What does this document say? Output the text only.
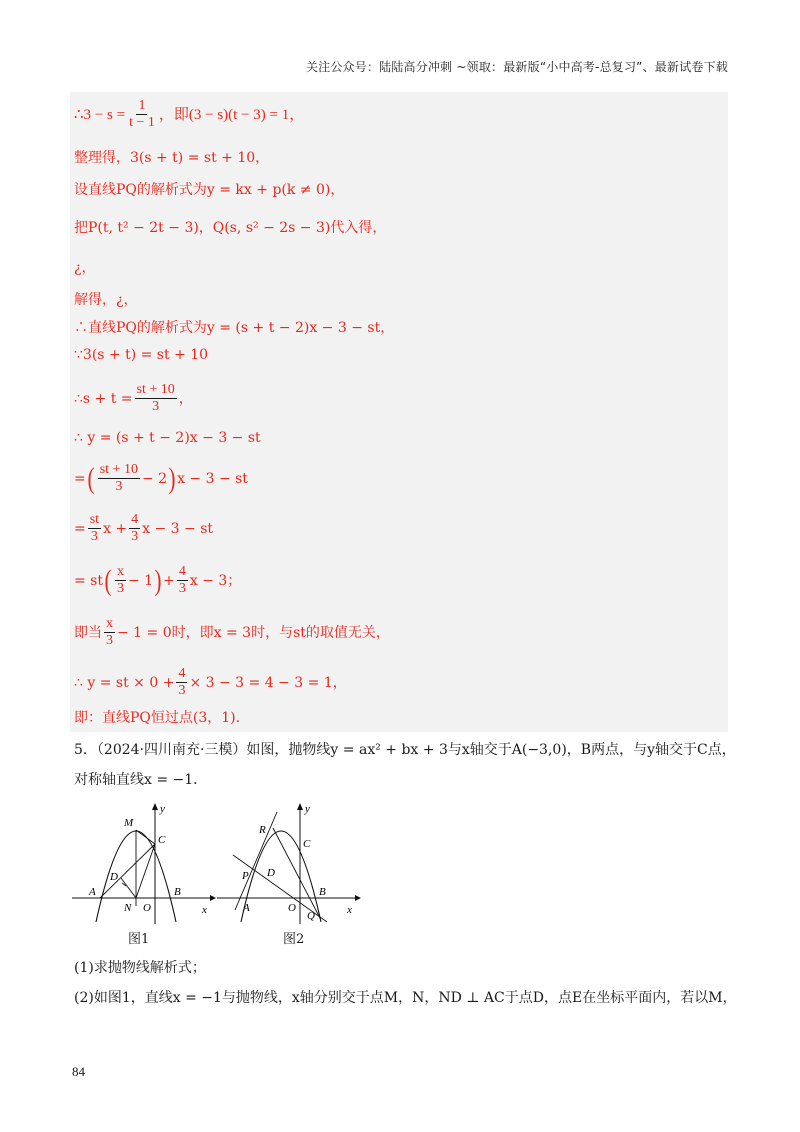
关注公众号：陆陆高分冲刺 ~领取：最新版“小中高考-总复习”、最新试卷下载
∴3 − $s = \frac{1}{t - 1}$ ，即(3 − s)(t − 3) = 1，
整理得，3(s + t) = st + 10，
设直线PQ的解析式为y = kx + p(k ≠ 0)，
把P(t, t² − 2t − 3)，Q(s, s² − 2s − 3)代入得，
¿，
解得，¿，
∴直线PQ的解析式为y = (s + t − 2)x − 3 − st，
∵3(s + t) = st + 10
∴s + $t = \frac{st + 10}{3}$ ，
∴ y = (s + t − 2)x − 3 − st
= ( $\frac{st + 10}{3} - 2$ ) x − 3 − st
= $\frac{st}{3}$ $x + \frac{4}{3}$ x − 3 − st
= st ( $\frac{x}{3} - 1$ ) + $\frac{4}{3}$ x − 3 ；
即当 $\frac{x}{3} - 1 = 0$ 时，即 x = 3 时，与 st 的取值无关，
∴ y = st × $0 + \frac{4}{3} \times 3 - 3 = 4 - 3 = 1$ ，
即：直线PQ恒过点(3，1).
5．（2024·四川南充·三模）如图，抛物线y = ax² + bx + 3与x轴交于A(−3,0)，B两点，与y轴交于C点，
对称轴直线x = −1．
M
C
D
A
N O
B
x
y
图1
R
C
P D
A	O
B
Q	x
y
图2
(1)求抛物线解析式；
(2)如图1，直线x = −1与抛物线，x轴分别交于点M，N，ND ⊥ AC于点D，点E在坐标平面内，若以M，
84
